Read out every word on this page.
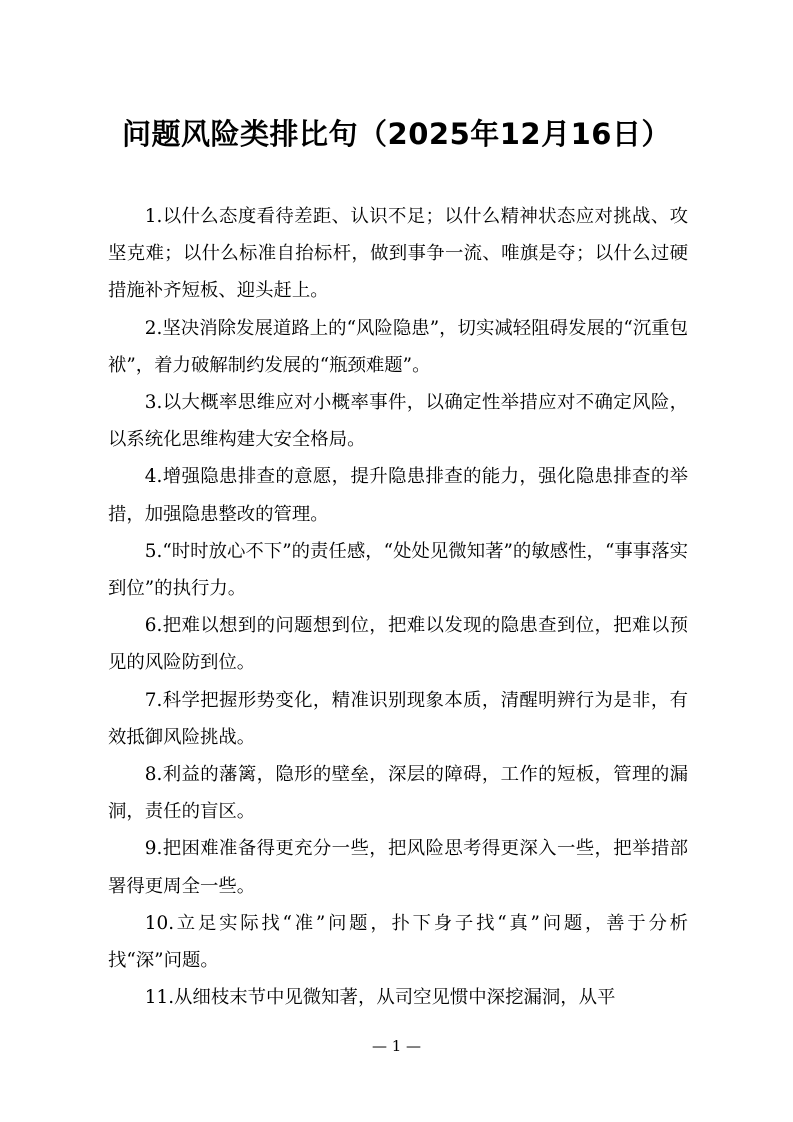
问题风险类排比句（2025年12月16日）

1.以什么态度看待差距、认识不足；以什么精神状态应对挑战、攻坚克难；以什么标准自抬标杆，做到事争一流、唯旗是夺；以什么过硬措施补齐短板、迎头赶上。

2.坚决消除发展道路上的“风险隐患”，切实减轻阻碍发展的“沉重包袱”，着力破解制约发展的“瓶颈难题”。

3.以大概率思维应对小概率事件，以确定性举措应对不确定风险，以系统化思维构建大安全格局。

4.增强隐患排查的意愿，提升隐患排查的能力，强化隐患排查的举措，加强隐患整改的管理。

5.“时时放心不下”的责任感，“处处见微知著”的敏感性，“事事落实到位”的执行力。

6.把难以想到的问题想到位，把难以发现的隐患查到位，把难以预见的风险防到位。

7.科学把握形势变化，精准识别现象本质，清醒明辨行为是非，有效抵御风险挑战。

8.利益的藩篱，隐形的壁垒，深层的障碍，工作的短板，管理的漏洞，责任的盲区。

9.把困难准备得更充分一些，把风险思考得更深入一些，把举措部署得更周全一些。

10.立足实际找“准”问题，扑下身子找“真”问题，善于分析找“深”问题。

11.从细枝末节中见微知著，从司空见惯中深挖漏洞，从平

— 1 —
